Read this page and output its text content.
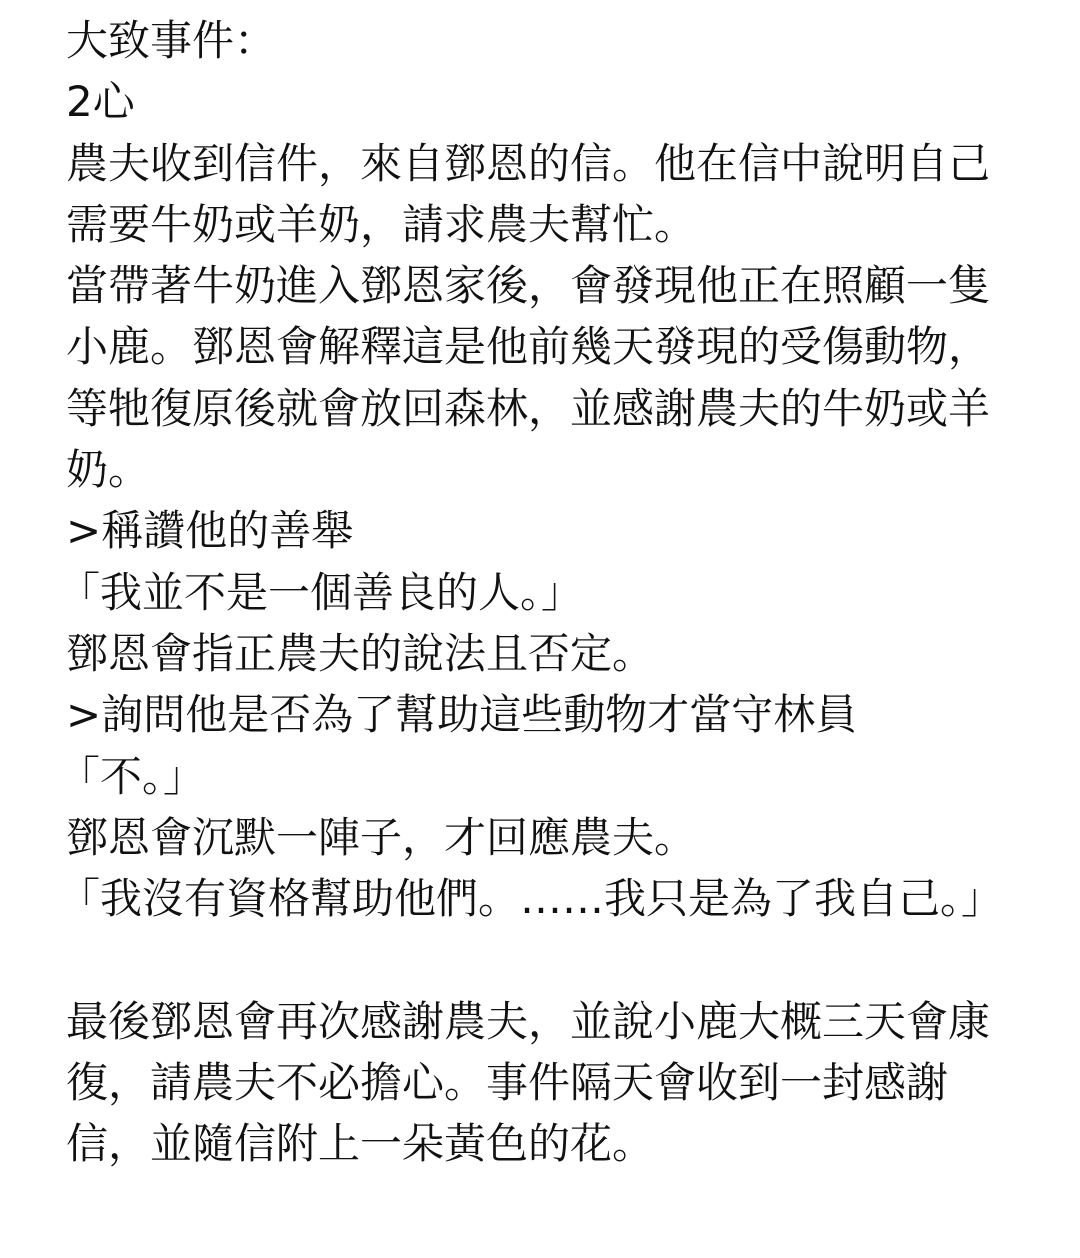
大致事件：
2心
農夫收到信件，來自鄧恩的信。他在信中說明自己需要牛奶或羊奶，請求農夫幫忙。
當帶著牛奶進入鄧恩家後，會發現他正在照顧一隻小鹿。鄧恩會解釋這是他前幾天發現的受傷動物，等牠復原後就會放回森林，並感謝農夫的牛奶或羊奶。
>稱讚他的善舉
「我並不是一個善良的人。」
鄧恩會指正農夫的說法且否定。
>詢問他是否為了幫助這些動物才當守林員
「不。」
鄧恩會沉默一陣子，才回應農夫。
「我沒有資格幫助他們。……我只是為了我自己。」
最後鄧恩會再次感謝農夫，並說小鹿大概三天會康復，請農夫不必擔心。事件隔天會收到一封感謝信，並隨信附上一朵黃色的花。
